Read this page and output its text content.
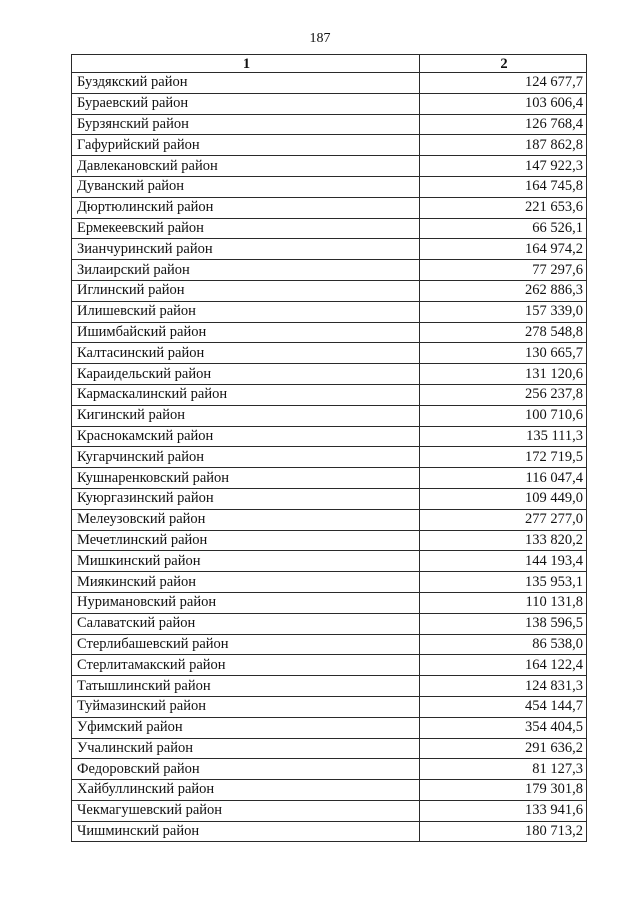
187
1	2
Буздякский район	124 677,7
Бураевский район	103 606,4
Бурзянский район	126 768,4
Гафурийский район	187 862,8
Давлекановский район	147 922,3
Дуванский район	164 745,8
Дюртюлинский район	221 653,6
Ермекеевский район	66 526,1
Зианчуринский район	164 974,2
Зилаирский район	77 297,6
Иглинский район	262 886,3
Илишевский район	157 339,0
Ишимбайский район	278 548,8
Калтасинский район	130 665,7
Караидельский район	131 120,6
Кармаскалинский район	256 237,8
Кигинский район	100 710,6
Краснокамский район	135 111,3
Кугарчинский район	172 719,5
Кушнаренковский район	116 047,4
Куюргазинский район	109 449,0
Мелеузовский район	277 277,0
Мечетлинский район	133 820,2
Мишкинский район	144 193,4
Миякинский район	135 953,1
Нуримановский район	110 131,8
Салаватский район	138 596,5
Стерлибашевский район	86 538,0
Стерлитамакский район	164 122,4
Татышлинский район	124 831,3
Туймазинский район	454 144,7
Уфимский район	354 404,5
Учалинский район	291 636,2
Федоровский район	81 127,3
Хайбуллинский район	179 301,8
Чекмагушевский район	133 941,6
Чишминский район	180 713,2
